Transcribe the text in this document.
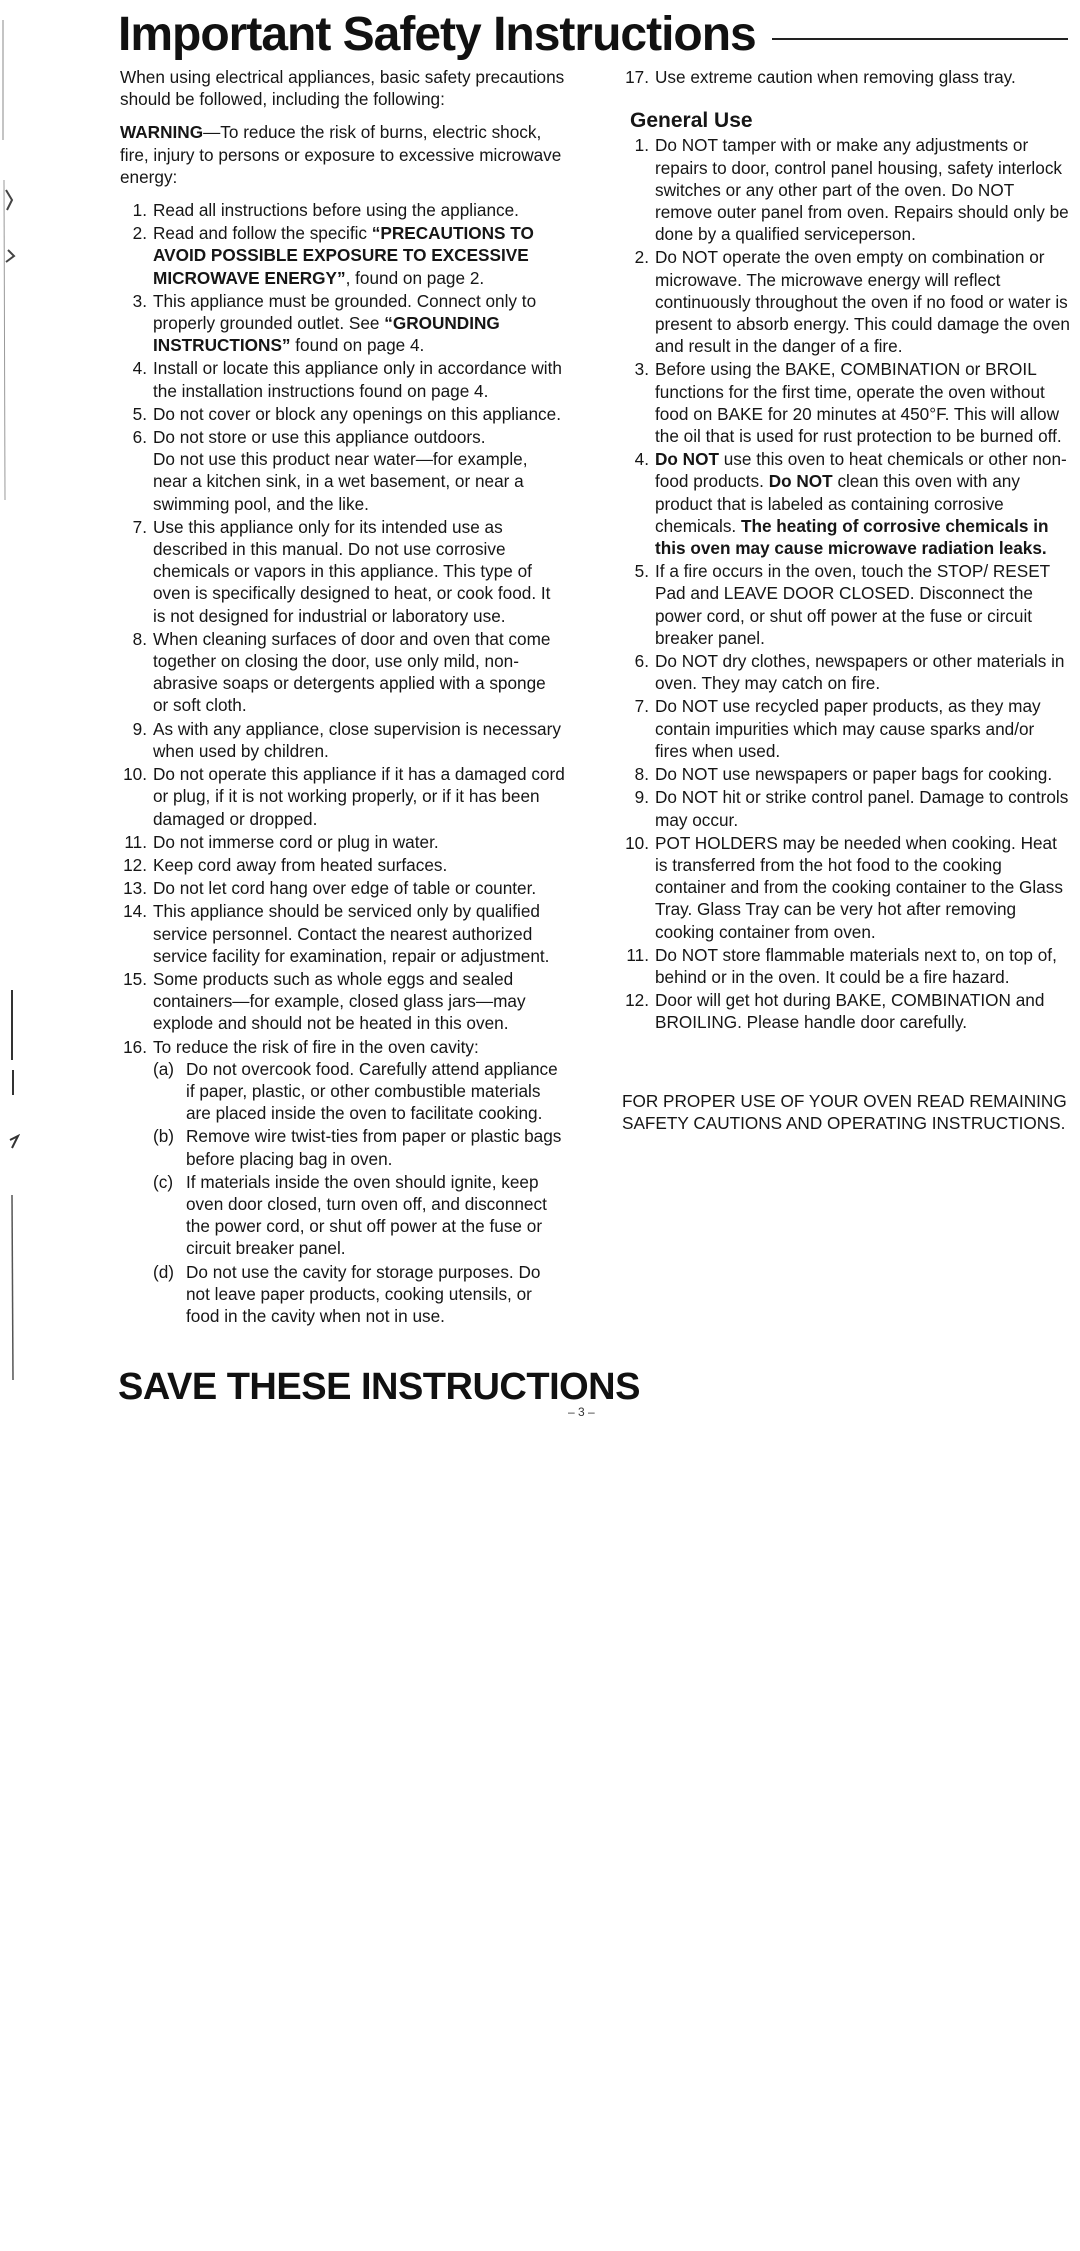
Important Safety Instructions

When using electrical appliances, basic safety precautions should be followed, including the following:

WARNING—To reduce the risk of burns, electric shock, fire, injury to persons or exposure to excessive microwave energy:

1. Read all instructions before using the appliance.
2. Read and follow the specific “PRECAUTIONS TO AVOID POSSIBLE EXPOSURE TO EXCESSIVE MICROWAVE ENERGY”, found on page 2.
3. This appliance must be grounded. Connect only to properly grounded outlet. See “GROUNDING INSTRUCTIONS” found on page 4.
4. Install or locate this appliance only in accordance with the installation instructions found on page 4.
5. Do not cover or block any openings on this appliance.
6. Do not store or use this appliance outdoors.
Do not use this product near water—for example, near a kitchen sink, in a wet basement, or near a swimming pool, and the like.
7. Use this appliance only for its intended use as described in this manual. Do not use corrosive chemicals or vapors in this appliance. This type of oven is specifically designed to heat, or cook food. It is not designed for industrial or laboratory use.
8. When cleaning surfaces of door and oven that come together on closing the door, use only mild, non-abrasive soaps or detergents applied with a sponge or soft cloth.
9. As with any appliance, close supervision is necessary when used by children.
10. Do not operate this appliance if it has a damaged cord or plug, if it is not working properly, or if it has been damaged or dropped.
11. Do not immerse cord or plug in water.
12. Keep cord away from heated surfaces.
13. Do not let cord hang over edge of table or counter.
14. This appliance should be serviced only by qualified service personnel. Contact the nearest authorized service facility for examination, repair or adjustment.
15. Some products such as whole eggs and sealed containers—for example, closed glass jars—may explode and should not be heated in this oven.
16. To reduce the risk of fire in the oven cavity:
(a) Do not overcook food. Carefully attend appliance if paper, plastic, or other combustible materials are placed inside the oven to facilitate cooking.
(b) Remove wire twist-ties from paper or plastic bags before placing bag in oven.
(c) If materials inside the oven should ignite, keep oven door closed, turn oven off, and disconnect the power cord, or shut off power at the fuse or circuit breaker panel.
(d) Do not use the cavity for storage purposes. Do not leave paper products, cooking utensils, or food in the cavity when not in use.
17. Use extreme caution when removing glass tray.
General Use
1. Do NOT tamper with or make any adjustments or repairs to door, control panel housing, safety interlock switches or any other part of the oven. Do NOT remove outer panel from oven. Repairs should only be done by a qualified serviceperson.
2. Do NOT operate the oven empty on combination or microwave. The microwave energy will reflect continuously throughout the oven if no food or water is present to absorb energy. This could damage the oven and result in the danger of a fire.
3. Before using the BAKE, COMBINATION or BROIL functions for the first time, operate the oven without food on BAKE for 20 minutes at 450°F. This will allow the oil that is used for rust protection to be burned off.
4. Do NOT use this oven to heat chemicals or other non-food products. Do NOT clean this oven with any product that is labeled as containing corrosive chemicals. The heating of corrosive chemicals in this oven may cause microwave radiation leaks.
5. If a fire occurs in the oven, touch the STOP/ RESET Pad and LEAVE DOOR CLOSED. Disconnect the power cord, or shut off power at the fuse or circuit breaker panel.
6. Do NOT dry clothes, newspapers or other materials in oven. They may catch on fire.
7. Do NOT use recycled paper products, as they may contain impurities which may cause sparks and/or fires when used.
8. Do NOT use newspapers or paper bags for cooking.
9. Do NOT hit or strike control panel. Damage to controls may occur.
10. POT HOLDERS may be needed when cooking. Heat is transferred from the hot food to the cooking container and from the cooking container to the Glass Tray. Glass Tray can be very hot after removing cooking container from oven.
11. Do NOT store flammable materials next to, on top of, behind or in the oven. It could be a fire hazard.
12. Door will get hot during BAKE, COMBINATION and BROILING. Please handle door carefully.
FOR PROPER USE OF YOUR OVEN READ REMAINING SAFETY CAUTIONS AND OPERATING INSTRUCTIONS.
SAVE THESE INSTRUCTIONS
– 3 –
